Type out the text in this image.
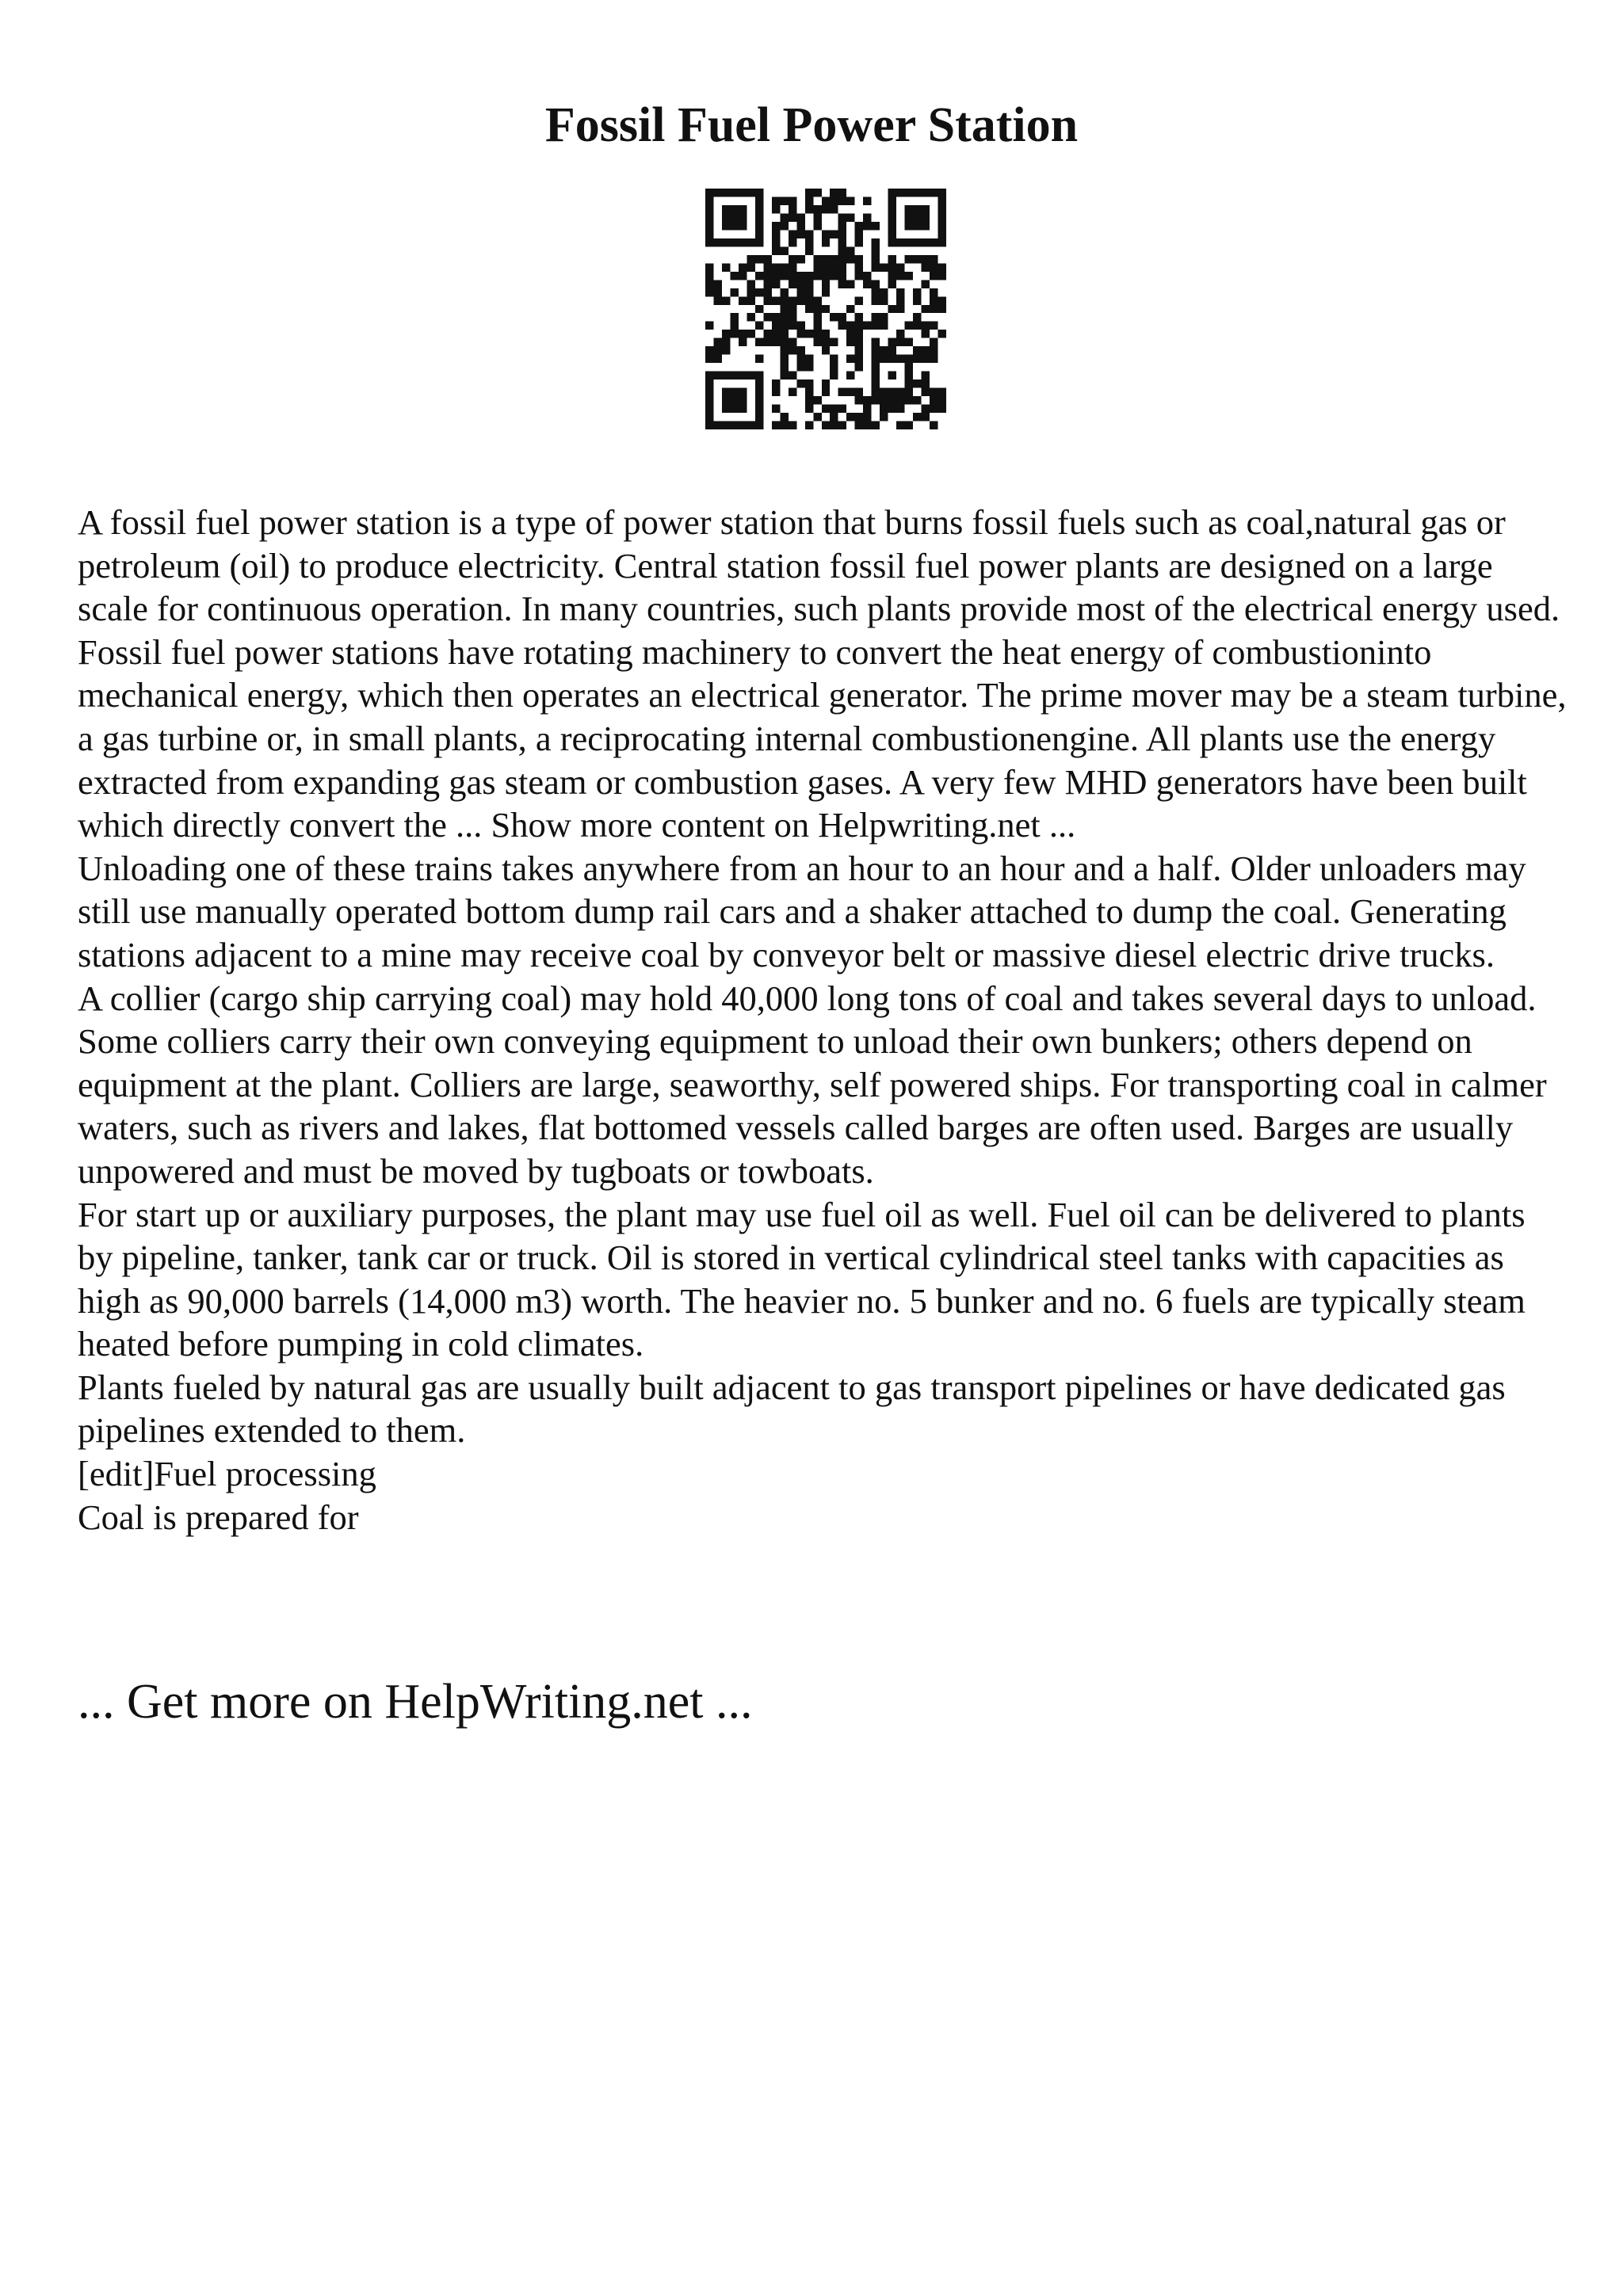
Fossil Fuel Power Station

A fossil fuel power station is a type of power station that burns fossil fuels such as coal,natural gas or petroleum (oil) to produce electricity. Central station fossil fuel power plants are designed on a large scale for continuous operation. In many countries, such plants provide most of the electrical energy used.

Fossil fuel power stations have rotating machinery to convert the heat energy of combustioninto mechanical energy, which then operates an electrical generator. The prime mover may be a steam turbine, a gas turbine or, in small plants, a reciprocating internal combustionengine. All plants use the energy extracted from expanding gas steam or combustion gases. A very few MHD generators have been built which directly convert the ... Show more content on Helpwriting.net ...

Unloading one of these trains takes anywhere from an hour to an hour and a half. Older unloaders may still use manually operated bottom dump rail cars and a shaker attached to dump the coal. Generating stations adjacent to a mine may receive coal by conveyor belt or massive diesel electric drive trucks.

A collier (cargo ship carrying coal) may hold 40,000 long tons of coal and takes several days to unload. Some colliers carry their own conveying equipment to unload their own bunkers; others depend on equipment at the plant. Colliers are large, seaworthy, self powered ships. For transporting coal in calmer waters, such as rivers and lakes, flat bottomed vessels called barges are often used. Barges are usually unpowered and must be moved by tugboats or towboats.

For start up or auxiliary purposes, the plant may use fuel oil as well. Fuel oil can be delivered to plants by pipeline, tanker, tank car or truck. Oil is stored in vertical cylindrical steel tanks with capacities as high as 90,000 barrels (14,000 m3) worth. The heavier no. 5 bunker and no. 6 fuels are typically steam heated before pumping in cold climates.

Plants fueled by natural gas are usually built adjacent to gas transport pipelines or have dedicated gas pipelines extended to them.

[edit]Fuel processing

Coal is prepared for

... Get more on HelpWriting.net ...
